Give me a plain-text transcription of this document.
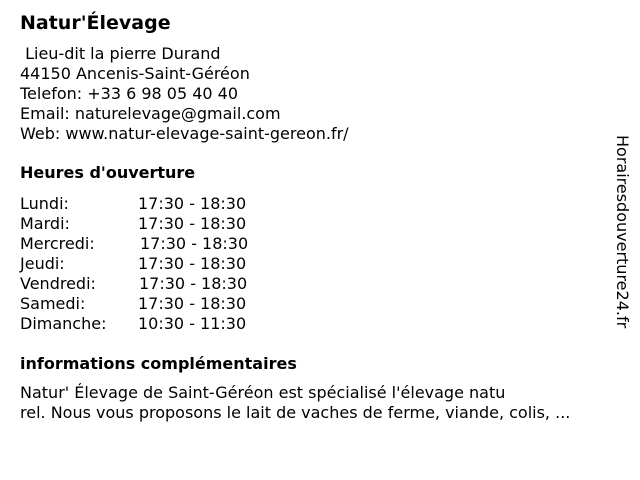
Natur'Élevage
Lieu-dit la pierre Durand
44150 Ancenis-Saint-Géréon
Telefon: +33 6 98 05 40 40
Email: naturelevage@gmail.com
Web: www.natur-elevage-saint-gereon.fr/
Heures d'ouverture
Lundi:	17:30 - 18:30
Mardi:	17:30 - 18:30
Mercredi:	17:30 - 18:30
Jeudi:	17:30 - 18:30
Vendredi:	17:30 - 18:30
Samedi:	17:30 - 18:30
Dimanche: 10:30 - 11:30
informations complémentaires
Natur' Élevage de Saint-Géréon est spécialisé l'élevage natu
rel. Nous vous proposons le lait de vaches de ferme, viande, colis, ...
Horairesdouverture24.fr
